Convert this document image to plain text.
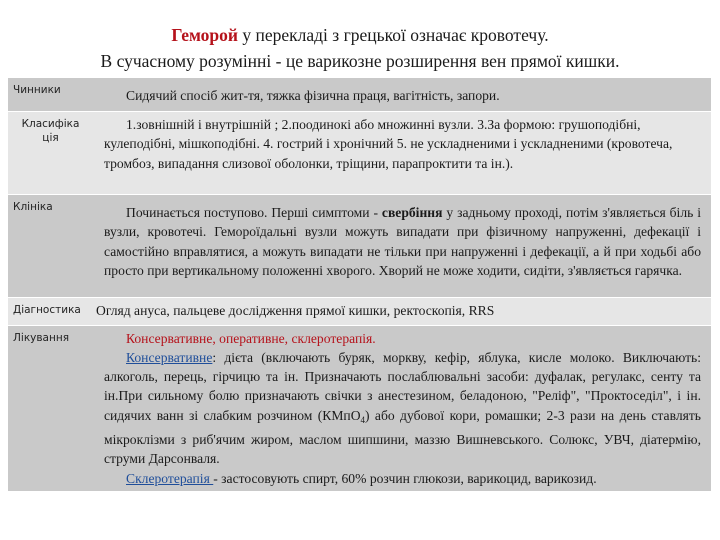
Геморой у перекладі з грецької означає кровотечу.
В сучасному розумінні - це варикозне розширення вен прямої кишки.
Чинники	Сидячий спосіб жит-тя, тяжка фізична праця, вагітність, запори.
Класифіка
ція	1.зовнішній і внутрішній ; 2.поодинокі або множинні вузли. 3.За формою: грушоподібні, кулеподібні, мішкоподібні. 4. гострий і хронічний 5. не ускладненими і ускладненими (кровотеча, тромбоз, випадання слизової оболонки, тріщини, парапроктити та ін.).
Клініка	Починається поступово. Перші симптоми - свербіння у задньому проході, потім з'являється біль і вузли, кровотечі. Геморoїдальні вузли можуть випадати при фізичному напруженні, дефекації і самостійно вправлятися, а можуть випадати не тільки при напруженні і дефекації, а й при ходьбі або просто при вертикальному положенні хворого. Хворий не може ходити, сидіти, з'являється гарячка.
Діагностика	Огляд ануса, пальцеве дослідження прямої кишки, ректоскопія, RRS
Лікування	Консервативне, оперативне, склеротерапія.
Консервативне: дієта (включають буряк, моркву, кефір, яблука, кисле молоко. Виключають: алкоголь, перець, гірчицю та ін. Призначають послаблювальні засоби: дуфалак, регулакс, сенту та ін.При сильному болю призначають свічки з анестезином, беладоною, "Реліф", "Проктоседіл", і ін. сидячих ванн зі слабким розчином (КМпО$_4$) або дубової кори, ромашки; 2-3 рази на день ставлять мікроклізми з риб'ячим жиром, маслом шипшини, маззю Вишневського. Солюкс, УВЧ, діатермію, струми Дарсонваля.
Склеротерапія - застосовують спирт, 60% розчин глюкози, варикоцид, варикозид.
